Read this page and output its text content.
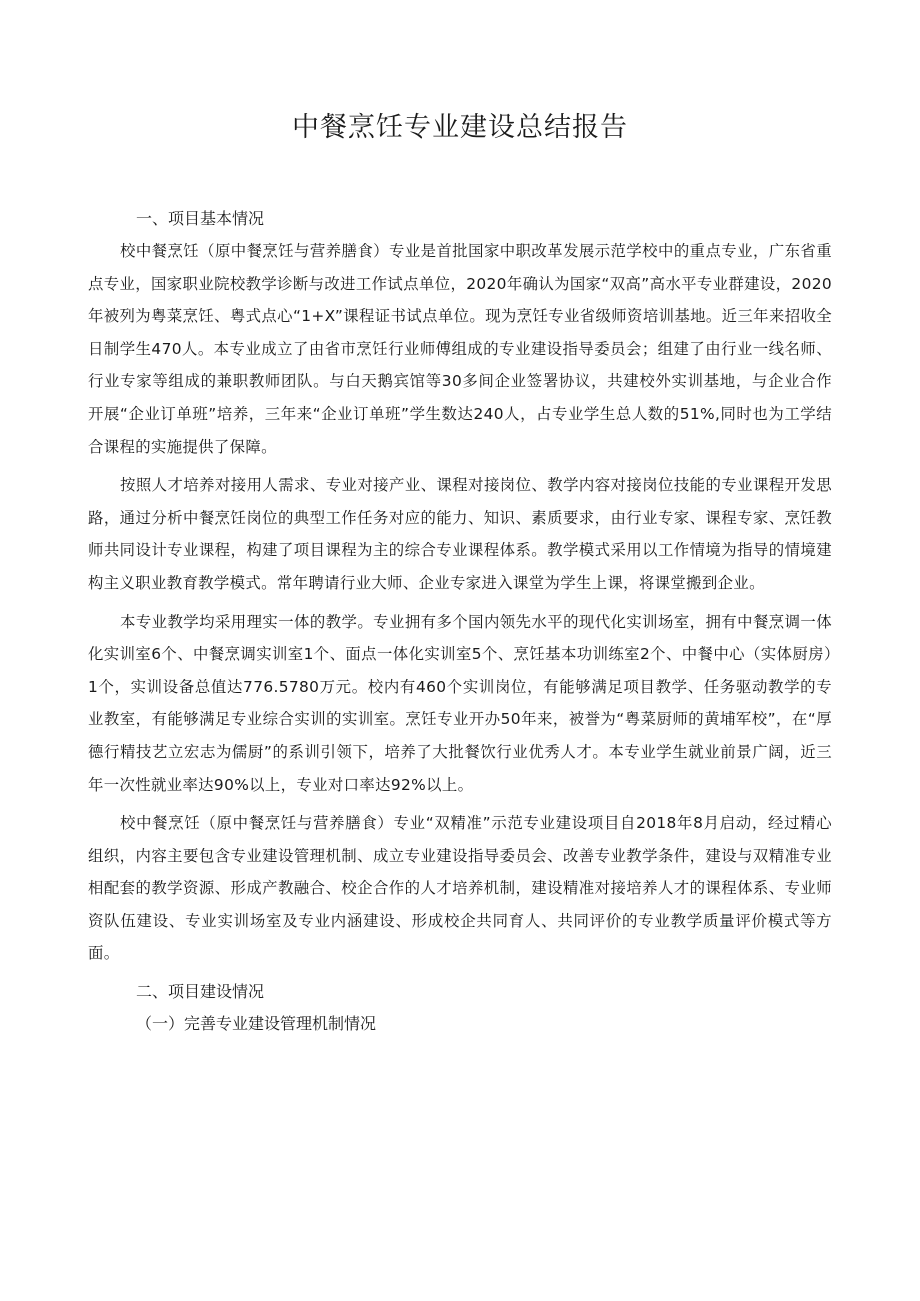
中餐烹饪专业建设总结报告
一、项目基本情况

校中餐烹饪（原中餐烹饪与营养膳食）专业是首批国家中职改革发展示范学校中的重点专业，广东省重点专业，国家职业院校教学诊断与改进工作试点单位，2020年确认为国家“双高”高水平专业群建设，2020年被列为粤菜烹饪、粤式点心“1+X”课程证书试点单位。现为烹饪专业省级师资培训基地。近三年来招收全日制学生470人。本专业成立了由省市烹饪行业师傅组成的专业建设指导委员会；组建了由行业一线名师、行业专家等组成的兼职教师团队。与白天鹅宾馆等30多间企业签署协议，共建校外实训基地，与企业合作开展“企业订单班”培养，三年来“企业订单班”学生数达240人，占专业学生总人数的51%,同时也为工学结合课程的实施提供了保障。

按照人才培养对接用人需求、专业对接产业、课程对接岗位、教学内容对接岗位技能的专业课程开发思路，通过分析中餐烹饪岗位的典型工作任务对应的能力、知识、素质要求，由行业专家、课程专家、烹饪教师共同设计专业课程，构建了项目课程为主的综合专业课程体系。教学模式采用以工作情境为指导的情境建构主义职业教育教学模式。常年聘请行业大师、企业专家进入课堂为学生上课，将课堂搬到企业。

本专业教学均采用理实一体的教学。专业拥有多个国内领先水平的现代化实训场室，拥有中餐烹调一体化实训室6个、中餐烹调实训室1个、面点一体化实训室5个、烹饪基本功训练室2个、中餐中心（实体厨房）1个，实训设备总值达776.5780万元。校内有460个实训岗位，有能够满足项目教学、任务驱动教学的专业教室，有能够满足专业综合实训的实训室。烹饪专业开办50年来，被誉为“粤菜厨师的黄埔军校”，在“厚德行精技艺立宏志为儒厨”的系训引领下，培养了大批餐饮行业优秀人才。本专业学生就业前景广阔，近三年一次性就业率达90%以上，专业对口率达92%以上。

校中餐烹饪（原中餐烹饪与营养膳食）专业“双精准”示范专业建设项目自2018年8月启动，经过精心组织，内容主要包含专业建设管理机制、成立专业建设指导委员会、改善专业教学条件，建设与双精准专业相配套的教学资源、形成产教融合、校企合作的人才培养机制，建设精准对接培养人才的课程体系、专业师资队伍建设、专业实训场室及专业内涵建设、形成校企共同育人、共同评价的专业教学质量评价模式等方面。

二、项目建设情况
（一）完善专业建设管理机制情况
